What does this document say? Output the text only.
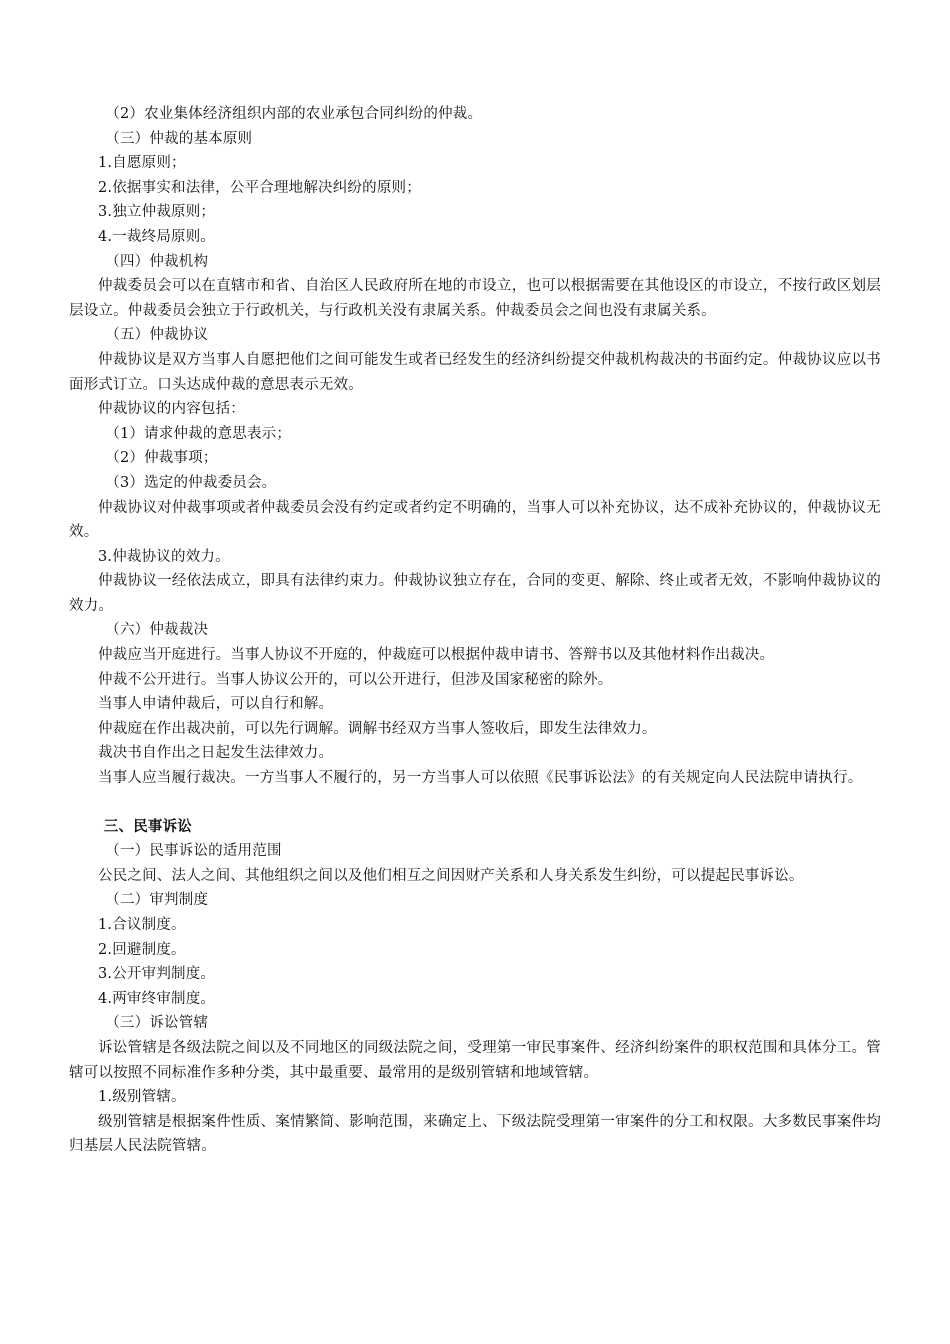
（2）农业集体经济组织内部的农业承包合同纠纷的仲裁。

（三）仲裁的基本原则

1.自愿原则；

2.依据事实和法律，公平合理地解决纠纷的原则；

3.独立仲裁原则；

4.一裁终局原则。

（四）仲裁机构

仲裁委员会可以在直辖市和省、自治区人民政府所在地的市设立，也可以根据需要在其他设区的市设立，不按行政区划层层设立。仲裁委员会独立于行政机关，与行政机关没有隶属关系。仲裁委员会之间也没有隶属关系。

（五）仲裁协议

仲裁协议是双方当事人自愿把他们之间可能发生或者已经发生的经济纠纷提交仲裁机构裁决的书面约定。仲裁协议应以书面形式订立。口头达成仲裁的意思表示无效。

仲裁协议的内容包括：

（1）请求仲裁的意思表示；

（2）仲裁事项；

（3）选定的仲裁委员会。

仲裁协议对仲裁事项或者仲裁委员会没有约定或者约定不明确的，当事人可以补充协议，达不成补充协议的，仲裁协议无效。

3.仲裁协议的效力。

仲裁协议一经依法成立，即具有法律约束力。仲裁协议独立存在，合同的变更、解除、终止或者无效，不影响仲裁协议的效力。

（六）仲裁裁决

仲裁应当开庭进行。当事人协议不开庭的，仲裁庭可以根据仲裁申请书、答辩书以及其他材料作出裁决。

仲裁不公开进行。当事人协议公开的，可以公开进行，但涉及国家秘密的除外。

当事人申请仲裁后，可以自行和解。

仲裁庭在作出裁决前，可以先行调解。调解书经双方当事人签收后，即发生法律效力。

裁决书自作出之日起发生法律效力。

当事人应当履行裁决。一方当事人不履行的，另一方当事人可以依照《民事诉讼法》的有关规定向人民法院申请执行。

三、民事诉讼

（一）民事诉讼的适用范围

公民之间、法人之间、其他组织之间以及他们相互之间因财产关系和人身关系发生纠纷，可以提起民事诉讼。

（二）审判制度

1.合议制度。

2.回避制度。

3.公开审判制度。

4.两审终审制度。

（三）诉讼管辖

诉讼管辖是各级法院之间以及不同地区的同级法院之间，受理第一审民事案件、经济纠纷案件的职权范围和具体分工。管辖可以按照不同标准作多种分类，其中最重要、最常用的是级别管辖和地域管辖。

1.级别管辖。

级别管辖是根据案件性质、案情繁简、影响范围，来确定上、下级法院受理第一审案件的分工和权限。大多数民事案件均归基层人民法院管辖。
